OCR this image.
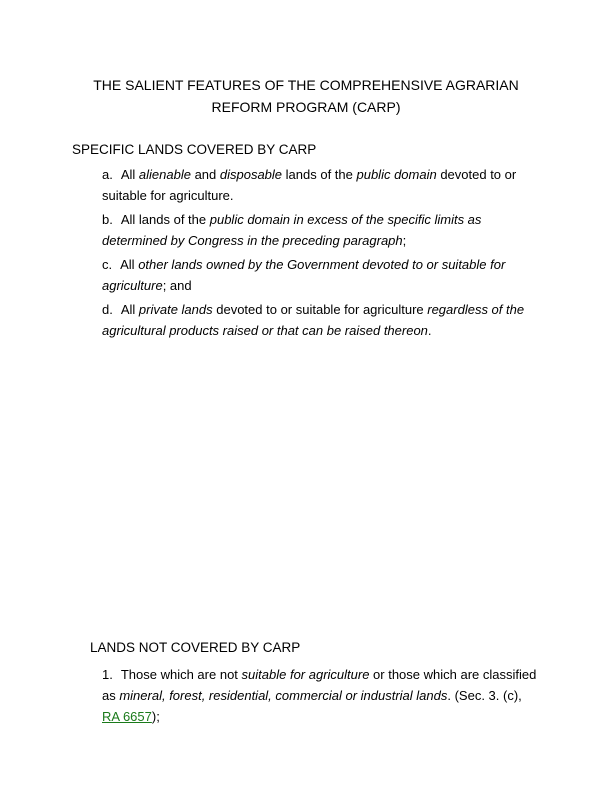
THE SALIENT FEATURES OF THE COMPREHENSIVE AGRARIAN
REFORM PROGRAM (CARP)
SPECIFIC LANDS COVERED BY CARP
a. All alienable and disposable lands of the public domain devoted to or suitable for agriculture.
b. All lands of the public domain in excess of the specific limits as determined by Congress in the preceding paragraph;
c. All other lands owned by the Government devoted to or suitable for agriculture; and
d. All private lands devoted to or suitable for agriculture regardless of the agricultural products raised or that can be raised thereon.
LANDS NOT COVERED BY CARP
1. Those which are not suitable for agriculture or those which are classified as mineral, forest, residential, commercial or industrial lands. (Sec. 3. (c), RA 6657);
